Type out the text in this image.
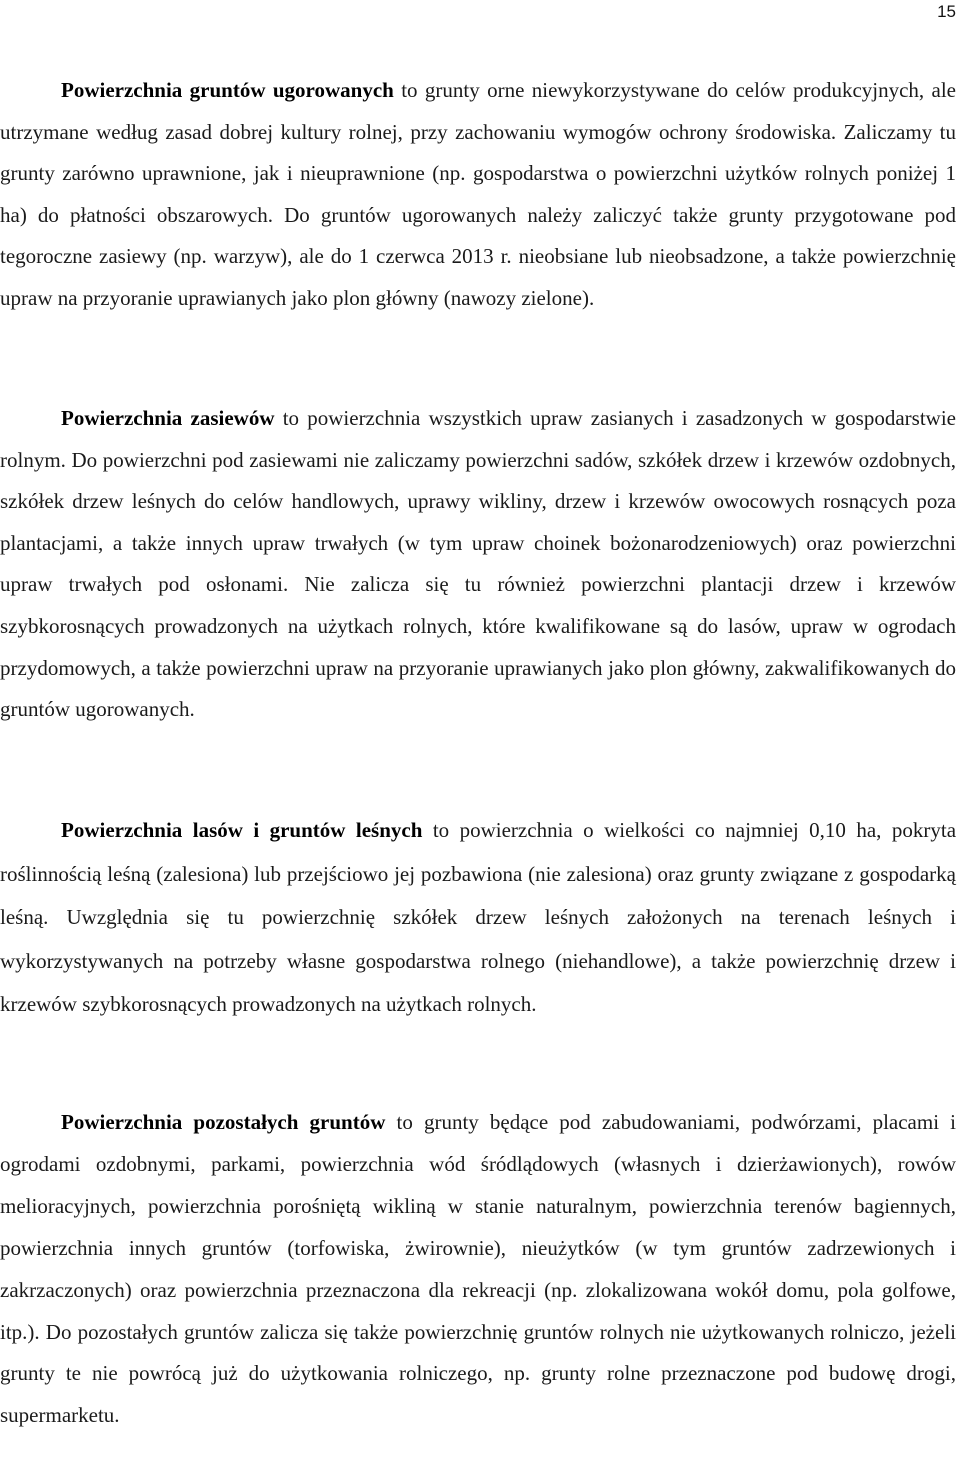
15

Powierzchnia gruntów ugorowanych to grunty orne niewykorzystywane do celów produkcyjnych, ale utrzymane według zasad dobrej kultury rolnej, przy zachowaniu wymogów ochrony środowiska. Zaliczamy tu grunty zarówno uprawnione, jak i nieuprawnione (np. gospodarstwa o powierzchni użytków rolnych poniżej 1 ha) do płatności obszarowych. Do gruntów ugorowanych należy zaliczyć także grunty przygotowane pod tegoroczne zasiewy (np. warzyw), ale do 1 czerwca 2013 r. nieobsiane lub nieobsadzone, a także powierzchnię upraw na przyoranie uprawianych jako plon główny (nawozy zielone).

Powierzchnia zasiewów to powierzchnia wszystkich upraw zasianych i zasadzonych w gospodarstwie rolnym. Do powierzchni pod zasiewami nie zaliczamy powierzchni sadów, szkółek drzew i krzewów ozdobnych, szkółek drzew leśnych do celów handlowych, uprawy wikliny, drzew i krzewów owocowych rosnących poza plantacjami, a także innych upraw trwałych (w tym upraw choinek bożonarodzeniowych) oraz powierzchni upraw trwałych pod osłonami. Nie zalicza się tu również powierzchni plantacji drzew i krzewów szybkorosnących prowadzonych na użytkach rolnych, które kwalifikowane są do lasów, upraw w ogrodach przydomowych, a także powierzchni upraw na przyoranie uprawianych jako plon główny, zakwalifikowanych do gruntów ugorowanych.

Powierzchnia lasów i gruntów leśnych to powierzchnia o wielkości co najmniej 0,10 ha, pokryta roślinnością leśną (zalesiona) lub przejściowo jej pozbawiona (nie zalesiona) oraz grunty związane z gospodarką leśną. Uwzględnia się tu powierzchnię szkółek drzew leśnych założonych na terenach leśnych i wykorzystywanych na potrzeby własne gospodarstwa rolnego (niehandlowe), a także powierzchnię drzew i krzewów szybkorosnących prowadzonych na użytkach rolnych.

Powierzchnia pozostałych gruntów to grunty będące pod zabudowaniami, podwórzami, placami i ogrodami ozdobnymi, parkami, powierzchnia wód śródlądowych (własnych i dzierżawionych), rowów melioracyjnych, powierzchnia porośniętą wikliną w stanie naturalnym, powierzchnia terenów bagiennych, powierzchnia innych gruntów (torfowiska, żwirownie), nieużytków (w tym gruntów zadrzewionych i zakrzaczonych) oraz powierzchnia przeznaczona dla rekreacji (np. zlokalizowana wokół domu, pola golfowe, itp.). Do pozostałych gruntów zalicza się także powierzchnię gruntów rolnych nie użytkowanych rolniczo, jeżeli grunty te nie powrócą już do użytkowania rolniczego, np. grunty rolne przeznaczone pod budowę drogi, supermarketu.
